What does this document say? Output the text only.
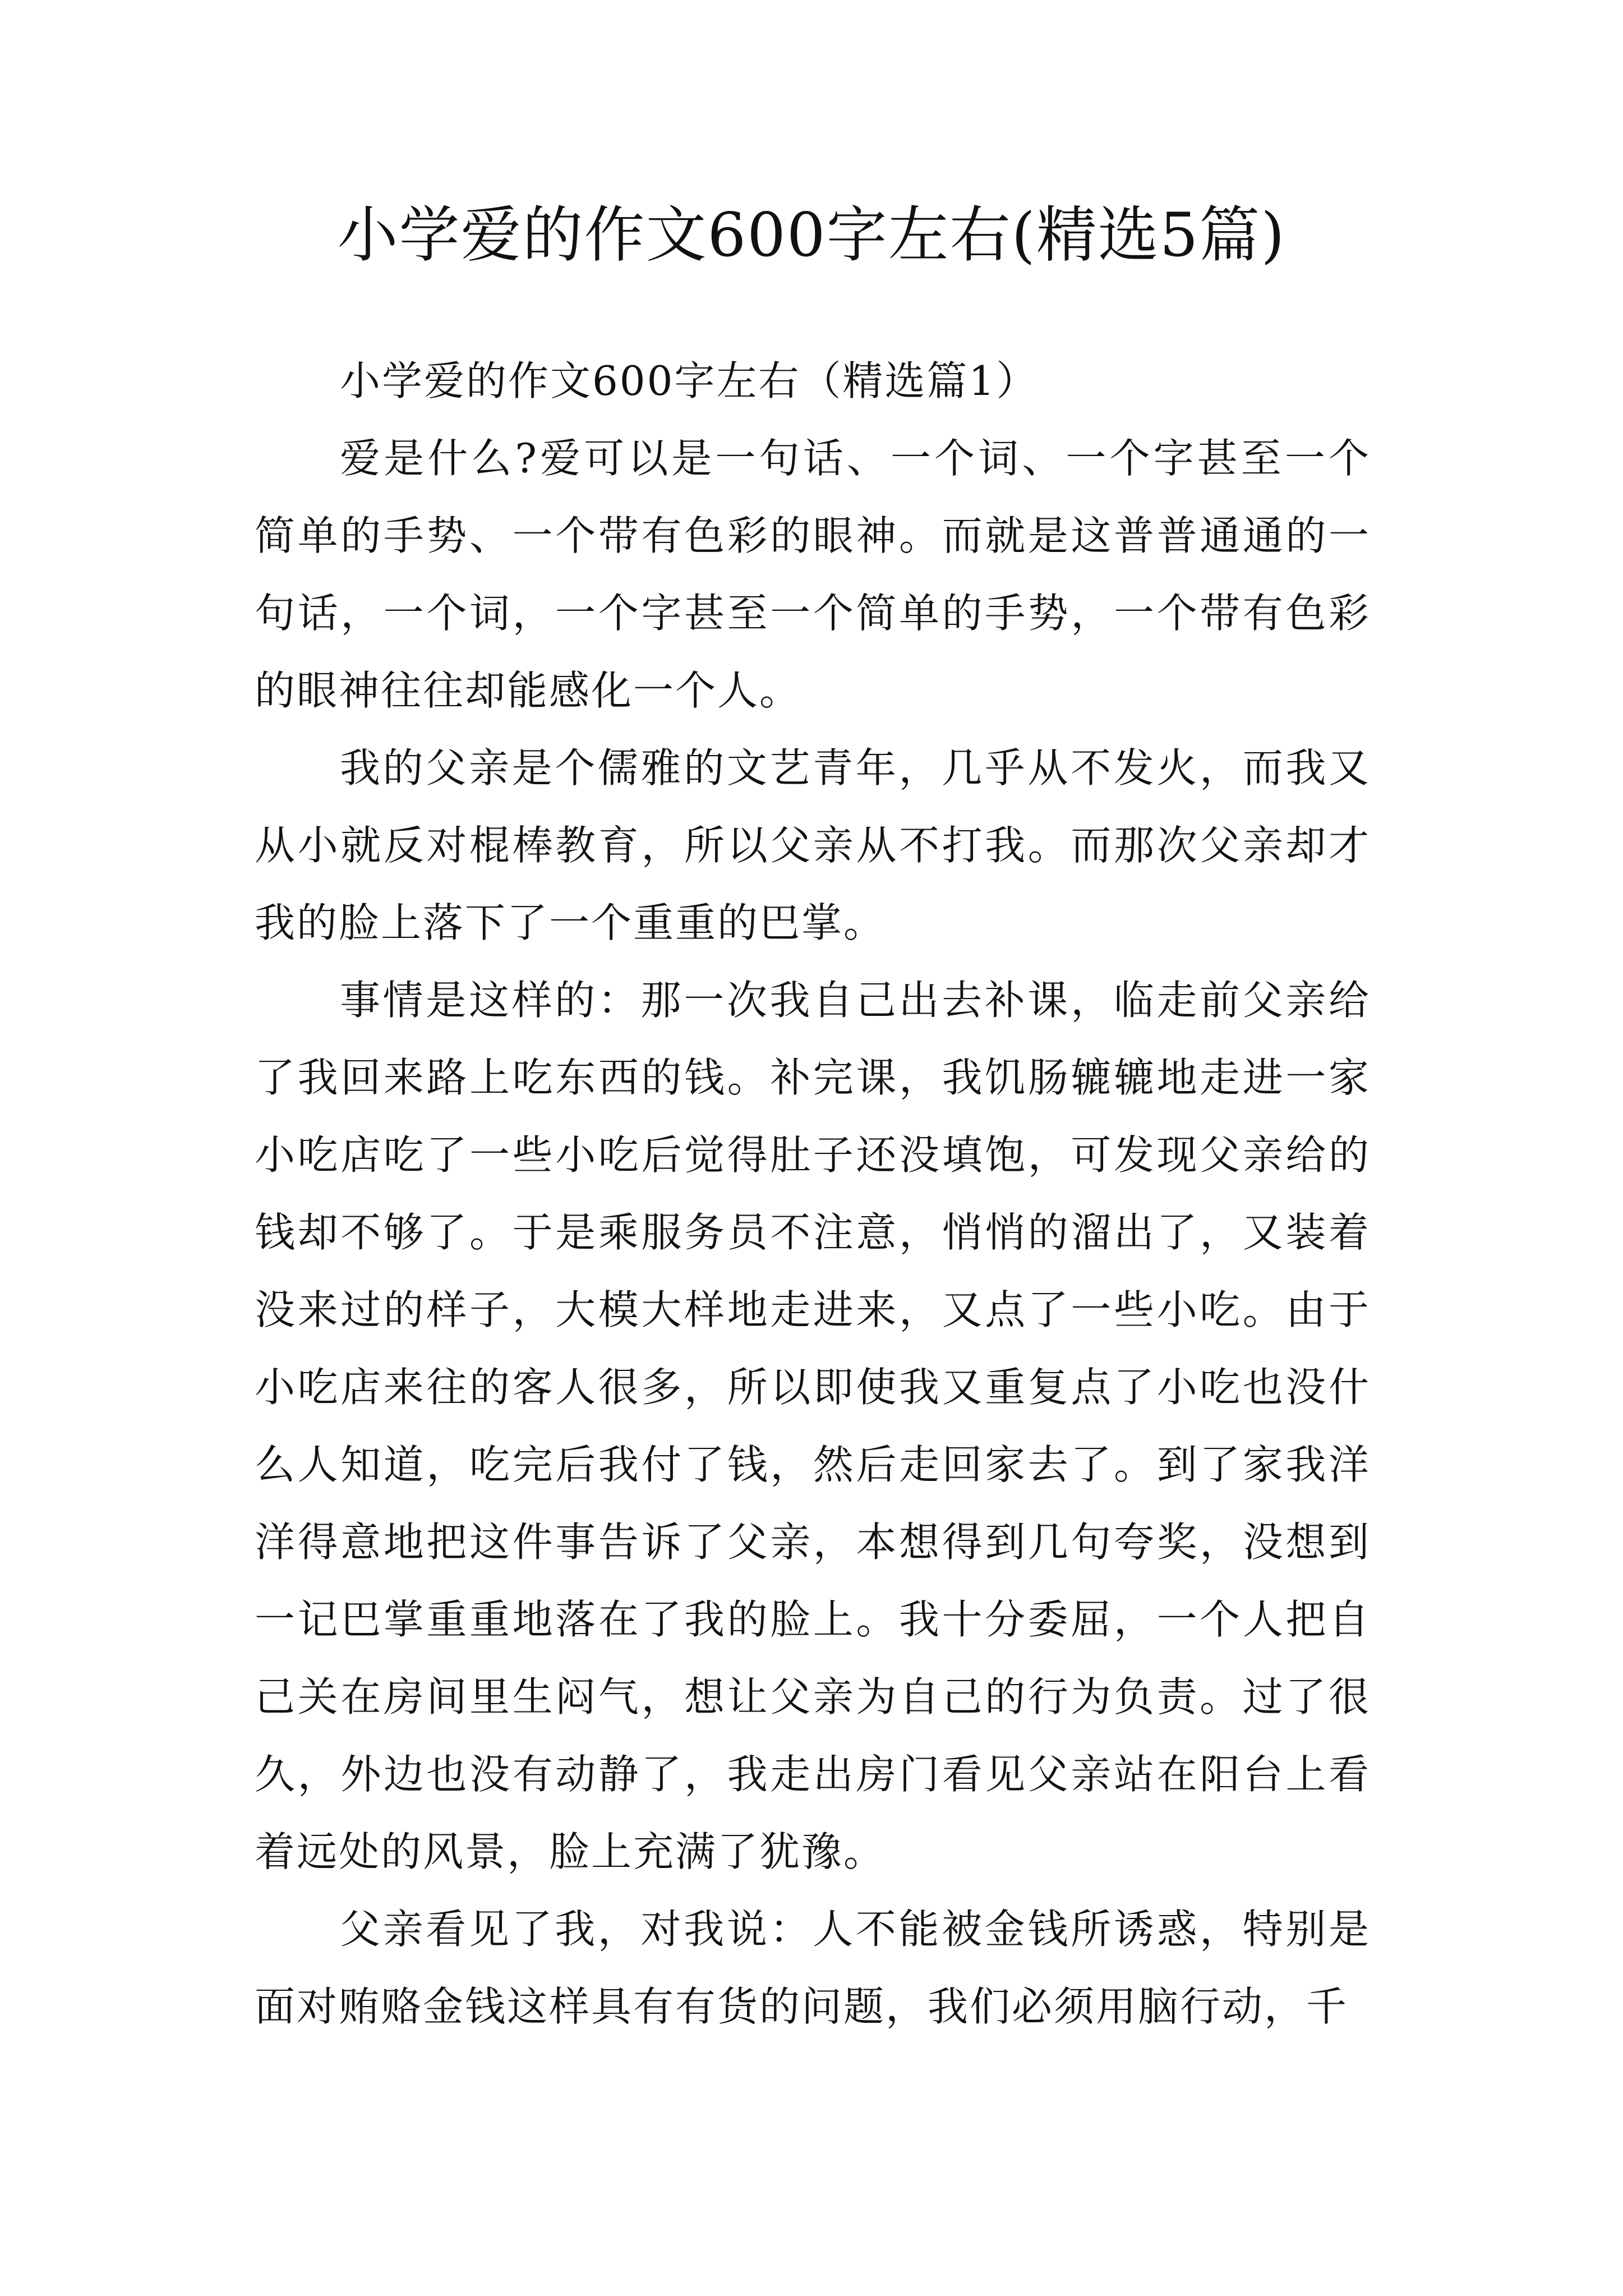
小学爱的作文600字左右(精选5篇)

小学爱的作文600字左右（精选篇1）

爱是什么?爱可以是一句话、一个词、一个字甚至一个简单的手势、一个带有色彩的眼神。而就是这普普通通的一句话，一个词，一个字甚至一个简单的手势，一个带有色彩的眼神往往却能感化一个人。

我的父亲是个儒雅的文艺青年，几乎从不发火，而我又从小就反对棍棒教育，所以父亲从不打我。而那次父亲却才我的脸上落下了一个重重的巴掌。

事情是这样的：那一次我自己出去补课，临走前父亲给了我回来路上吃东西的钱。补完课，我饥肠辘辘地走进一家小吃店吃了一些小吃后觉得肚子还没填饱，可发现父亲给的钱却不够了。于是乘服务员不注意，悄悄的溜出了，又装着没来过的样子，大模大样地走进来，又点了一些小吃。由于小吃店来往的客人很多，所以即使我又重复点了小吃也没什么人知道，吃完后我付了钱，然后走回家去了。到了家我洋洋得意地把这件事告诉了父亲，本想得到几句夸奖，没想到一记巴掌重重地落在了我的脸上。我十分委屈，一个人把自己关在房间里生闷气，想让父亲为自己的行为负责。过了很久，外边也没有动静了，我走出房门看见父亲站在阳台上看着远处的风景，脸上充满了犹豫。

父亲看见了我，对我说：人不能被金钱所诱惑，特别是面对贿赂金钱这样具有有货的问题，我们必须用脑行动，千
